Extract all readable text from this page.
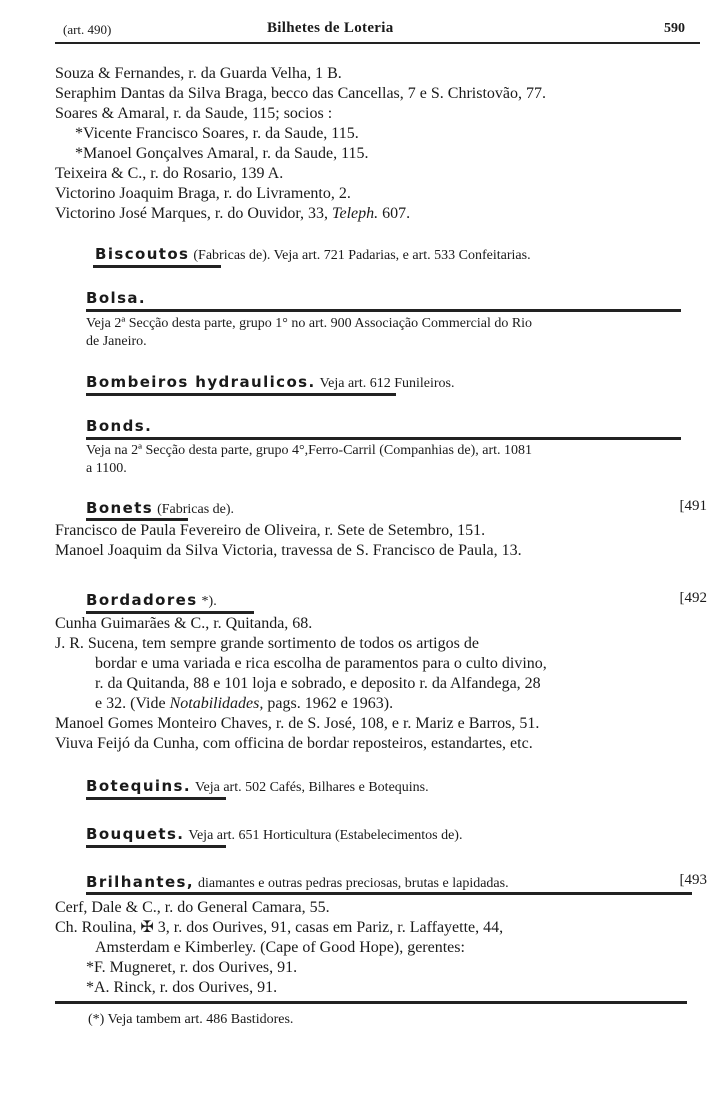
(art. 490)	Bilhetes de Loteria	590
Souza & Fernandes, r. da Guarda Velha, 1 B.
Seraphim Dantas da Silva Braga, becco das Cancellas, 7 e S. Christovão, 77.
Soares & Amaral, r. da Saude, 115; socios :
*Vicente Francisco Soares, r. da Saude, 115.
*Manoel Gonçalves Amaral, r. da Saude, 115.
Teixeira & C., r. do Rosario, 139 A.
Victorino Joaquim Braga, r. do Livramento, 2.
Victorino José Marques, r. do Ouvidor, 33, Teleph. 607.
Biscoutos (Fabricas de). Veja art. 721 Padarias, e art. 533 Confeitarias.
Bolsa.
Veja 2ª Secção desta parte, grupo 1° no art. 900 Associação Commercial do Rio
de Janeiro.
Bombeiros hydraulicos. Veja art. 612 Funileiros.
Bonds.
Veja na 2ª Secção desta parte, grupo 4°,Ferro-Carril (Companhias de), art. 1081
a 1100.
Bonets (Fabricas de).	[491
Francisco de Paula Fevereiro de Oliveira, r. Sete de Setembro, 151.
Manoel Joaquim da Silva Victoria, travessa de S. Francisco de Paula, 13.
Bordadores *).	[492
Cunha Guimarães & C., r. Quitanda, 68.
J. R. Sucena, tem sempre grande sortimento de todos os artigos de
bordar e uma variada e rica escolha de paramentos para o culto divino,
r. da Quitanda, 88 e 101 loja e sobrado, e deposito r. da Alfandega, 28
e 32. (Vide Notabilidades, pags. 1962 e 1963).
Manoel Gomes Monteiro Chaves, r. de S. José, 108, e r. Mariz e Barros, 51.
Viuva Feijó da Cunha, com officina de bordar reposteiros, estandartes, etc.
Botequins. Veja art. 502 Cafés, Bilhares e Botequins.
Bouquets. Veja art. 651 Horticultura (Estabelecimentos de).
Brilhantes, diamantes e outras pedras preciosas, brutas e lapidadas.	[493
Cerf, Dale & C., r. do General Camara, 55.
Ch. Roulina, ✠ 3, r. dos Ourives, 91, casas em Pariz, r. Laffayette, 44,
Amsterdam e Kimberley. (Cape of Good Hope), gerentes:
*F. Mugneret, r. dos Ourives, 91.
*A. Rinck, r. dos Ourives, 91.
(*) Veja tambem art. 486 Bastidores.
